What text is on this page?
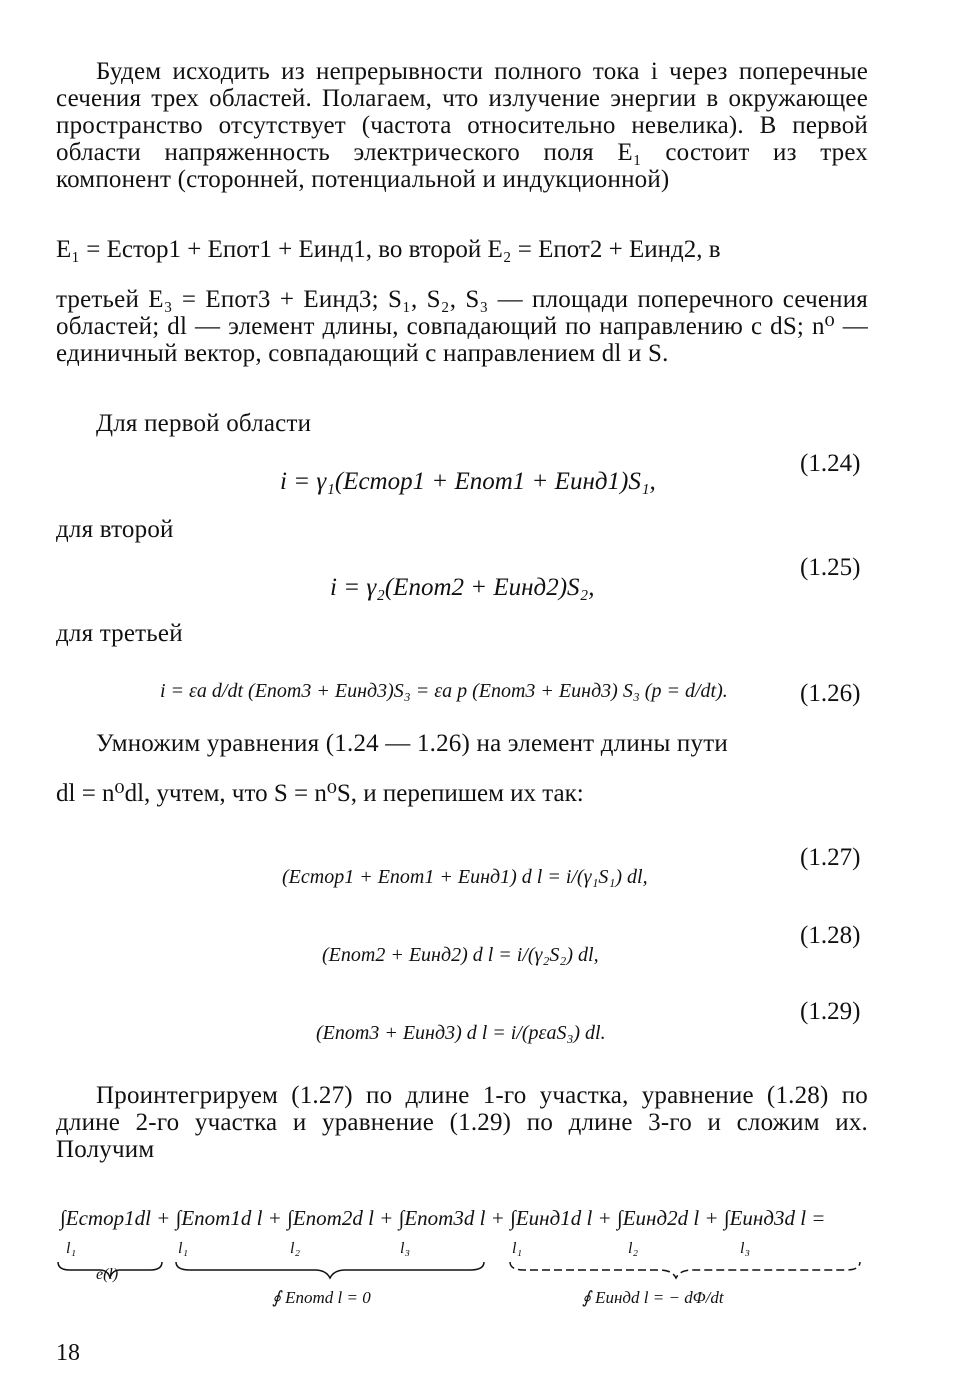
Будем исходить из непрерывности полного тока i через поперечные сечения трех областей. Полагаем, что излучение энергии в окружающее пространство отсутствует (частота относительно невелика). В первой области напряженность электрического поля E₁ состоит из трех компонент (сторонней, потенциальной и индукционной)
E₁ = Eстор1 + Eпот1 + Eинд1, во второй E₂ = Eпот2 + Eинд2, в
третьей E₃ = Eпот3 + Eинд3; S₁, S₂, S₃ — площади поперечного сечения областей; dl — элемент длины, совпадающий по направлению с dS; n⁰ — единичный вектор, совпадающий с направлением dl и S.
Для первой области
i = γ₁(Eстор1 + Eпот1 + Eинд1)S₁,
(1.24)
для второй
i = γ₂(Eпот2 + Eинд2)S₂,
(1.25)
для третьей
i = εa d/dt (Eпот3 + Eинд3)S₃ = εa p (Eпот3 + Eинд3) S₃ (p = d/dt).	(1.26)
Умножим уравнения (1.24 — 1.26) на элемент длины пути
dl = n⁰dl, учтем, что S = n⁰S, и перепишем их так:
(Eстор1 + Eпот1 + Eинд1) d l = i/(γ₁S₁) dl,
(1.27)
(Eпот2 + Eинд2) d l = i/(γ₂S₂) dl,
(1.28)
(Eпот3 + Eинд3) d l = i/(pεaS₃) dl.
(1.29)
Проинтегрируем (1.27) по длине 1-го участка, уравнение (1.28) по длине 2-го участка и уравнение (1.29) по длине 3-го и сложим их. Получим
∫Eстор1dl + ∫Eпот1d l + ∫Eпот2d l + ∫Eпот3d l + ∫Eинд1d l + ∫Eинд2d l + ∫Eинд3d l =
l₁	l₁	l₂	l₃	l₁	l₂	l₃
e(l)
∮ Eпотd l = 0	∮ Eиндd l = − dΦ/dt
18
